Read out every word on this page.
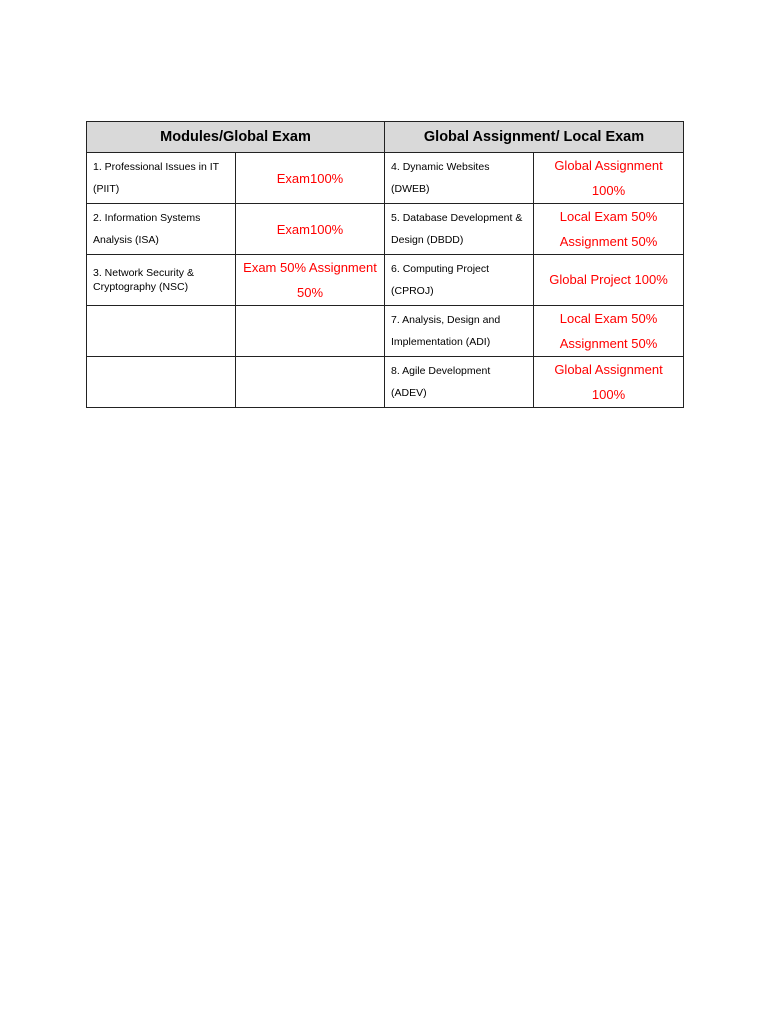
Modules/Global Exam		Global Assignment/ Local Exam	

1. Professional Issues in IT (PIIT)	Exam100%	4. Dynamic Websites (DWEB)	Global Assignment 100%

2. Information Systems Analysis (ISA)	Exam100%	5. Database Development & Design (DBDD)	Local Exam 50% Assignment 50%

3. Network Security & Cryptography (NSC)	Exam 50% Assignment 50%	6. Computing Project (CPROJ)	Global Project 100%

		7. Analysis, Design and Implementation (ADI)	Local Exam 50% Assignment 50%

		8. Agile Development (ADEV)	Global Assignment 100%
